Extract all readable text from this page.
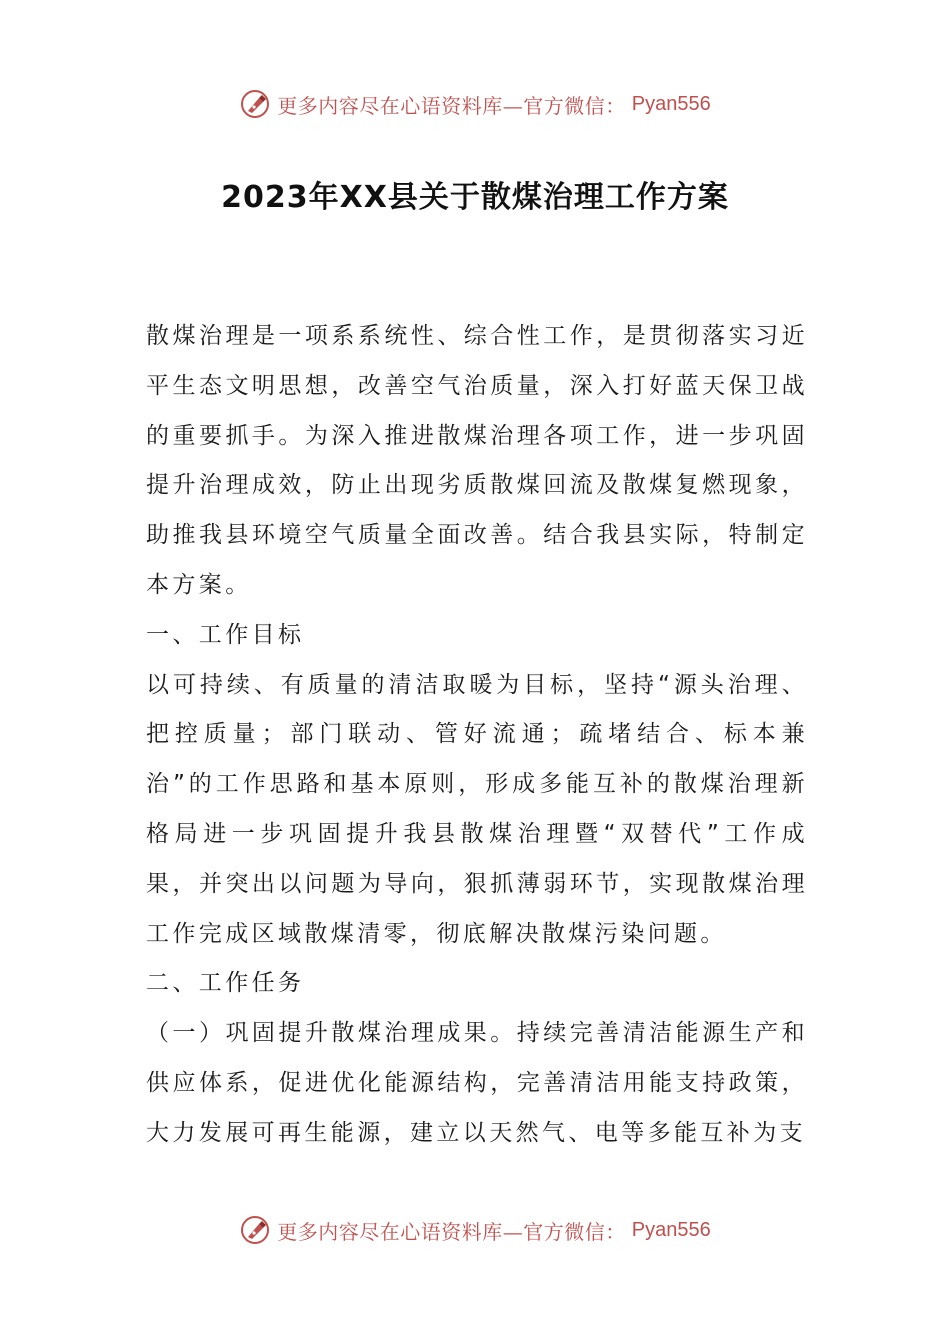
更多内容尽在心语资料库—官方微信： Pyan556
2023年XX县关于散煤治理工作方案

散煤治理是一项系系统性、综合性工作，是贯彻落实习近平生态文明思想，改善空气治质量，深入打好蓝天保卫战的重要抓手。为深入推进散煤治理各项工作，进一步巩固提升治理成效，防止出现劣质散煤回流及散煤复燃现象，助推我县环境空气质量全面改善。结合我县实际，特制定本方案。

一、工作目标

以可持续、有质量的清洁取暖为目标，坚持“源头治理、把控质量；部门联动、管好流通；疏堵结合、标本兼治”的工作思路和基本原则，形成多能互补的散煤治理新格局进一步巩固提升我县散煤治理暨“双替代”工作成果，并突出以问题为导向，狠抓薄弱环节，实现散煤治理工作完成区域散煤清零，彻底解决散煤污染问题。

二、工作任务

（一）巩固提升散煤治理成果。持续完善清洁能源生产和供应体系，促进优化能源结构，完善清洁用能支持政策，大力发展可再生能源，建立以天然气、电等多能互补为支

更多内容尽在心语资料库—官方微信： Pyan556
